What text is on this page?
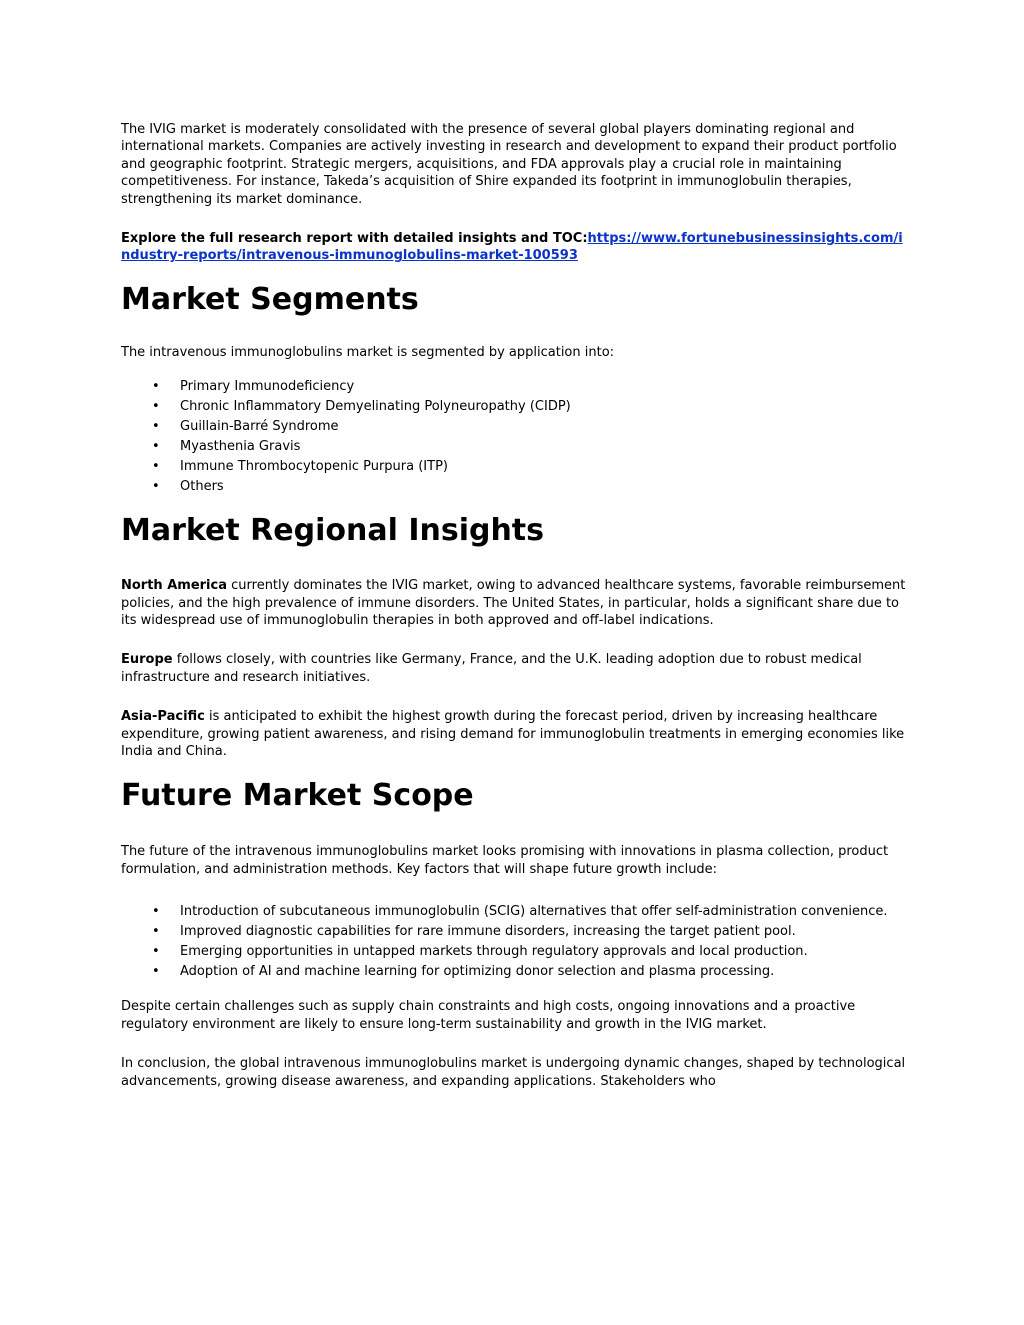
The IVIG market is moderately consolidated with the presence of several global players dominating regional and international markets. Companies are actively investing in research and development to expand their product portfolio and geographic footprint. Strategic mergers, acquisitions, and FDA approvals play a crucial role in maintaining competitiveness. For instance, Takeda’s acquisition of Shire expanded its footprint in immunoglobulin therapies, strengthening its market dominance.

Explore the full research report with detailed insights and TOC:https://www.fortunebusinessinsights.com/industry-reports/intravenous-immunoglobulins-market-100593

Market Segments

The intravenous immunoglobulins market is segmented by application into:

• Primary Immunodeficiency
• Chronic Inflammatory Demyelinating Polyneuropathy (CIDP)
• Guillain-Barré Syndrome
• Myasthenia Gravis
• Immune Thrombocytopenic Purpura (ITP)
• Others
Market Regional Insights

North America currently dominates the IVIG market, owing to advanced healthcare systems, favorable reimbursement policies, and the high prevalence of immune disorders. The United States, in particular, holds a significant share due to its widespread use of immunoglobulin therapies in both approved and off-label indications.

Europe follows closely, with countries like Germany, France, and the U.K. leading adoption due to robust medical infrastructure and research initiatives.

Asia-Pacific is anticipated to exhibit the highest growth during the forecast period, driven by increasing healthcare expenditure, growing patient awareness, and rising demand for immunoglobulin treatments in emerging economies like India and China.

Future Market Scope

The future of the intravenous immunoglobulins market looks promising with innovations in plasma collection, product formulation, and administration methods. Key factors that will shape future growth include:

• Introduction of subcutaneous immunoglobulin (SCIG) alternatives that offer self-administration convenience.
• Improved diagnostic capabilities for rare immune disorders, increasing the target patient pool.
• Emerging opportunities in untapped markets through regulatory approvals and local production.
• Adoption of AI and machine learning for optimizing donor selection and plasma processing.

Despite certain challenges such as supply chain constraints and high costs, ongoing innovations and a proactive regulatory environment are likely to ensure long-term sustainability and growth in the IVIG market.

In conclusion, the global intravenous immunoglobulins market is undergoing dynamic changes, shaped by technological advancements, growing disease awareness, and expanding applications. Stakeholders who
